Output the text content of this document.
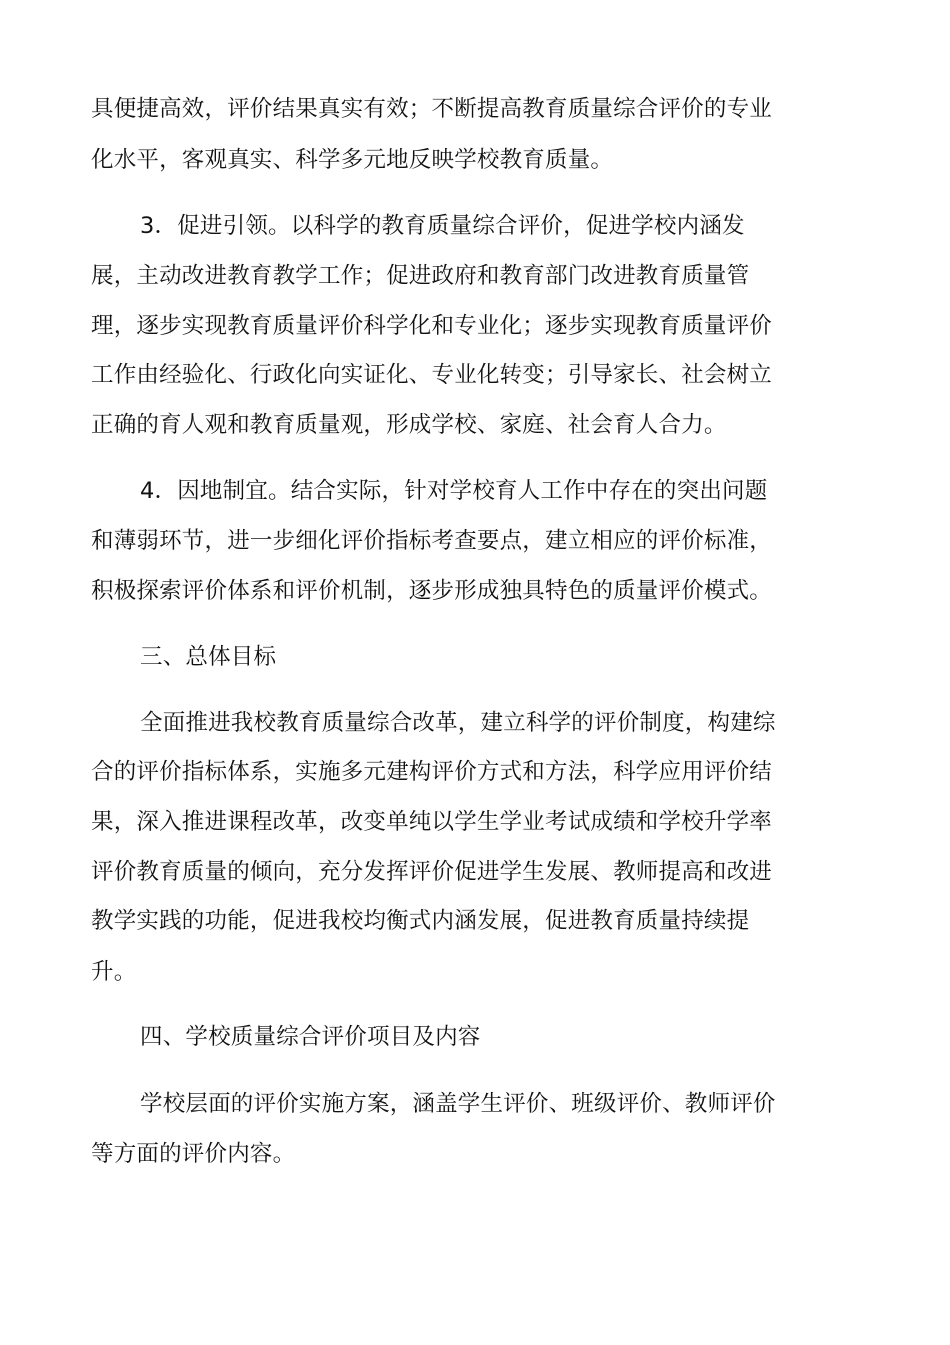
具便捷高效，评价结果真实有效；不断提高教育质量综合评价的专业
化水平，客观真实、科学多元地反映学校教育质量。
3．促进引领。以科学的教育质量综合评价，促进学校内涵发
展，主动改进教育教学工作；促进政府和教育部门改进教育质量管
理，逐步实现教育质量评价科学化和专业化；逐步实现教育质量评价
工作由经验化、行政化向实证化、专业化转变；引导家长、社会树立
正确的育人观和教育质量观，形成学校、家庭、社会育人合力。
4．因地制宜。结合实际，针对学校育人工作中存在的突出问题
和薄弱环节，进一步细化评价指标考查要点，建立相应的评价标准，
积极探索评价体系和评价机制，逐步形成独具特色的质量评价模式。
三、总体目标
全面推进我校教育质量综合改革，建立科学的评价制度，构建综
合的评价指标体系，实施多元建构评价方式和方法，科学应用评价结
果，深入推进课程改革，改变单纯以学生学业考试成绩和学校升学率
评价教育质量的倾向，充分发挥评价促进学生发展、教师提高和改进
教学实践的功能，促进我校均衡式内涵发展，促进教育质量持续提
升。
四、学校质量综合评价项目及内容
学校层面的评价实施方案，涵盖学生评价、班级评价、教师评价
等方面的评价内容。
